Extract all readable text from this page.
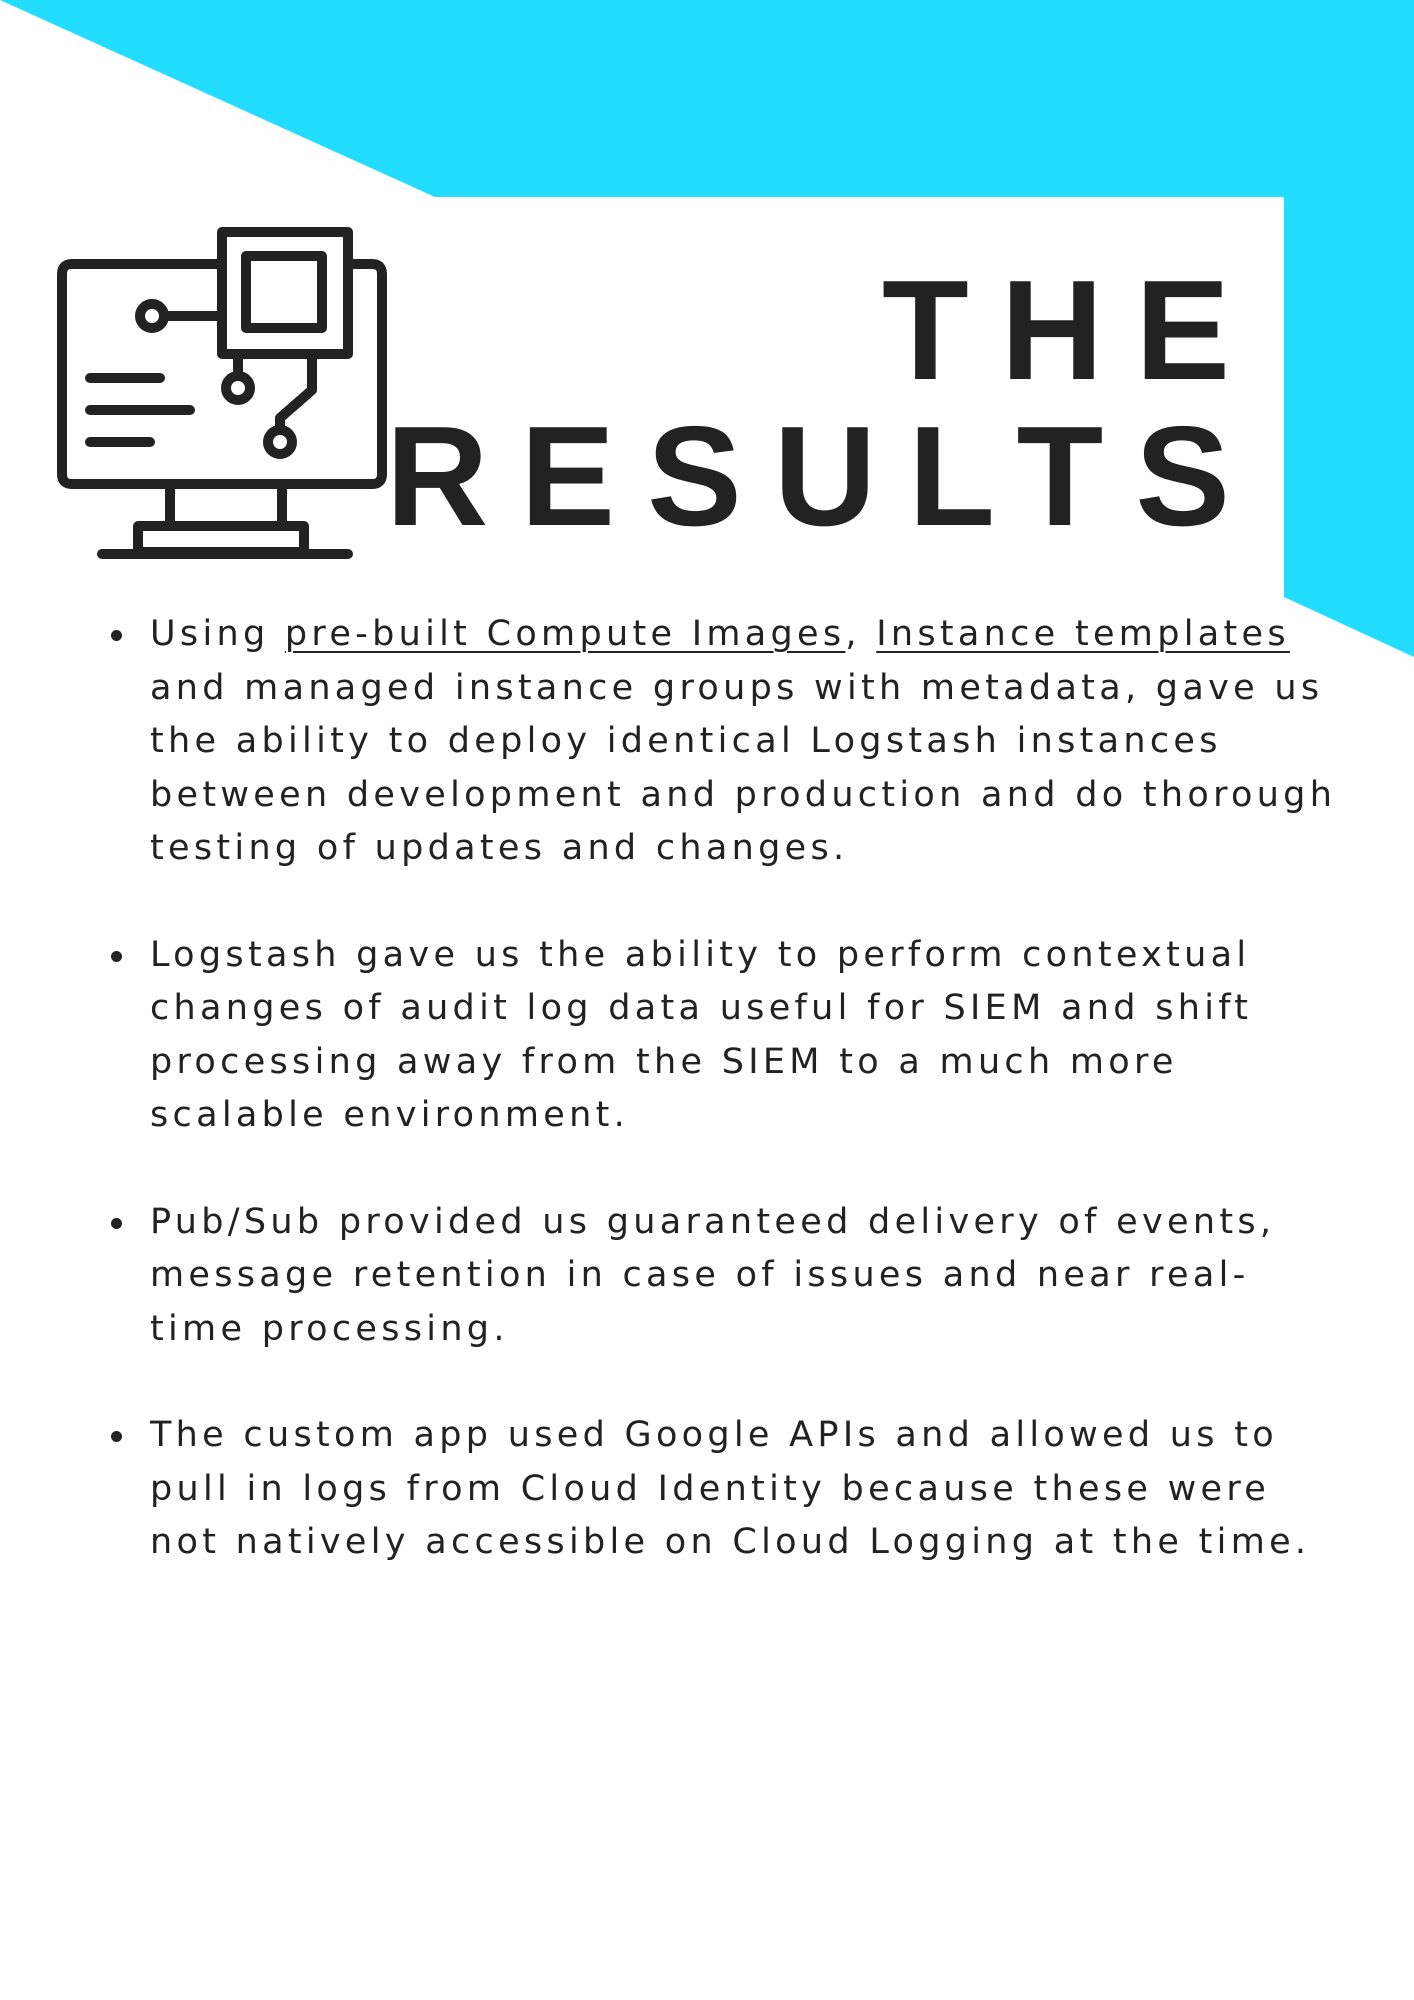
THE
RESULTS
Using pre-built Compute Images, Instance templates and managed instance groups with metadata, gave us the ability to deploy identical Logstash instances between development and production and do thorough testing of updates and changes.
Logstash gave us the ability to perform contextual changes of audit log data useful for SIEM and shift processing away from the SIEM to a much more scalable environment.
Pub/Sub provided us guaranteed delivery of events, message retention in case of issues and near real-time processing.
The custom app used Google APIs and allowed us to pull in logs from Cloud Identity because these were not natively accessible on Cloud Logging at the time.
